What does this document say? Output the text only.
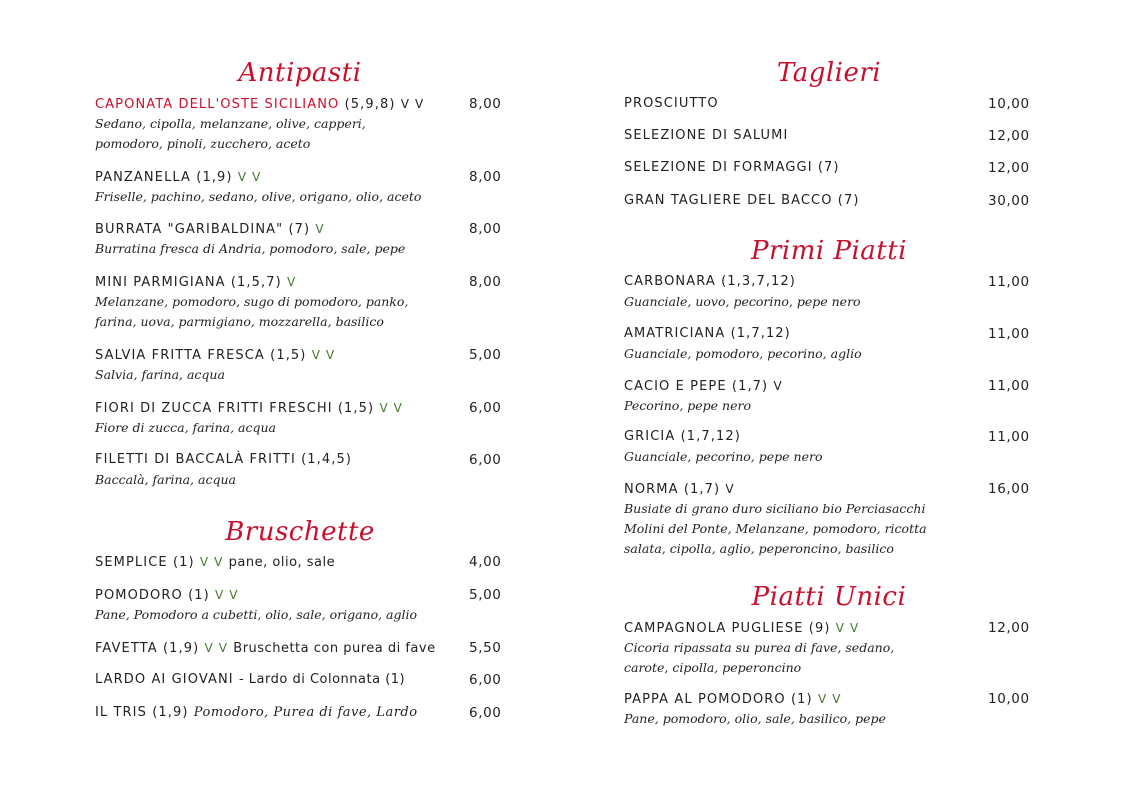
Antipasti
CAPONATA DELL'OSTE SICILIANO (5,9,8) V V	8,00
Sedano, cipolla, melanzane, olive, capperi,
pomodoro, pinoli, zucchero, aceto
PANZANELLA (1,9) V V	8,00
Friselle, pachino, sedano, olive, origano, olio, aceto
BURRATA "GARIBALDINA" (7) V	8,00
Burratina fresca di Andria, pomodoro, sale, pepe
MINI PARMIGIANA (1,5,7) V	8,00
Melanzane, pomodoro, sugo di pomodoro, panko,
farina, uova, parmigiano, mozzarella, basilico
SALVIA FRITTA FRESCA (1,5) V V	5,00
Salvia, farina, acqua
FIORI DI ZUCCA FRITTI FRESCHI (1,5) V V	6,00
Fiore di zucca, farina, acqua
FILETTI DI BACCALÀ FRITTI (1,4,5)	6,00
Baccalà, farina, acqua
Bruschette
SEMPLICE (1) V V pane, olio, sale	4,00
POMODORO (1) V V	5,00
Pane, Pomodoro a cubetti, olio, sale, origano, aglio
FAVETTA (1,9) V V Bruschetta con purea di fave 5,50
LARDO AI GIOVANI - Lardo di Colonnata (1)	6,00
IL TRIS (1,9) Pomodoro, Purea di fave, Lardo	6,00
Taglieri
PROSCIUTTO	10,00
SELEZIONE DI SALUMI	12,00
SELEZIONE DI FORMAGGI (7)	12,00
GRAN TAGLIERE DEL BACCO (7)	30,00
Primi Piatti
CARBONARA (1,3,7,12)	11,00
Guanciale, uovo, pecorino, pepe nero
AMATRICIANA (1,7,12)	11,00
Guanciale, pomodoro, pecorino, aglio
CACIO E PEPE (1,7) V	11,00
Pecorino, pepe nero
GRICIA (1,7,12)	11,00
Guanciale, pecorino, pepe nero
NORMA (1,7) V	16,00
Busiate di grano duro siciliano bio Perciasacchi
Molini del Ponte, Melanzane, pomodoro, ricotta
salata, cipolla, aglio, peperoncino, basilico
Piatti Unici
CAMPAGNOLA PUGLIESE (9) V V	12,00
Cicoria ripassata su purea di fave, sedano,
carote, cipolla, peperoncino
PAPPA AL POMODORO (1) V V	10,00
Pane, pomodoro, olio, sale, basilico, pepe
